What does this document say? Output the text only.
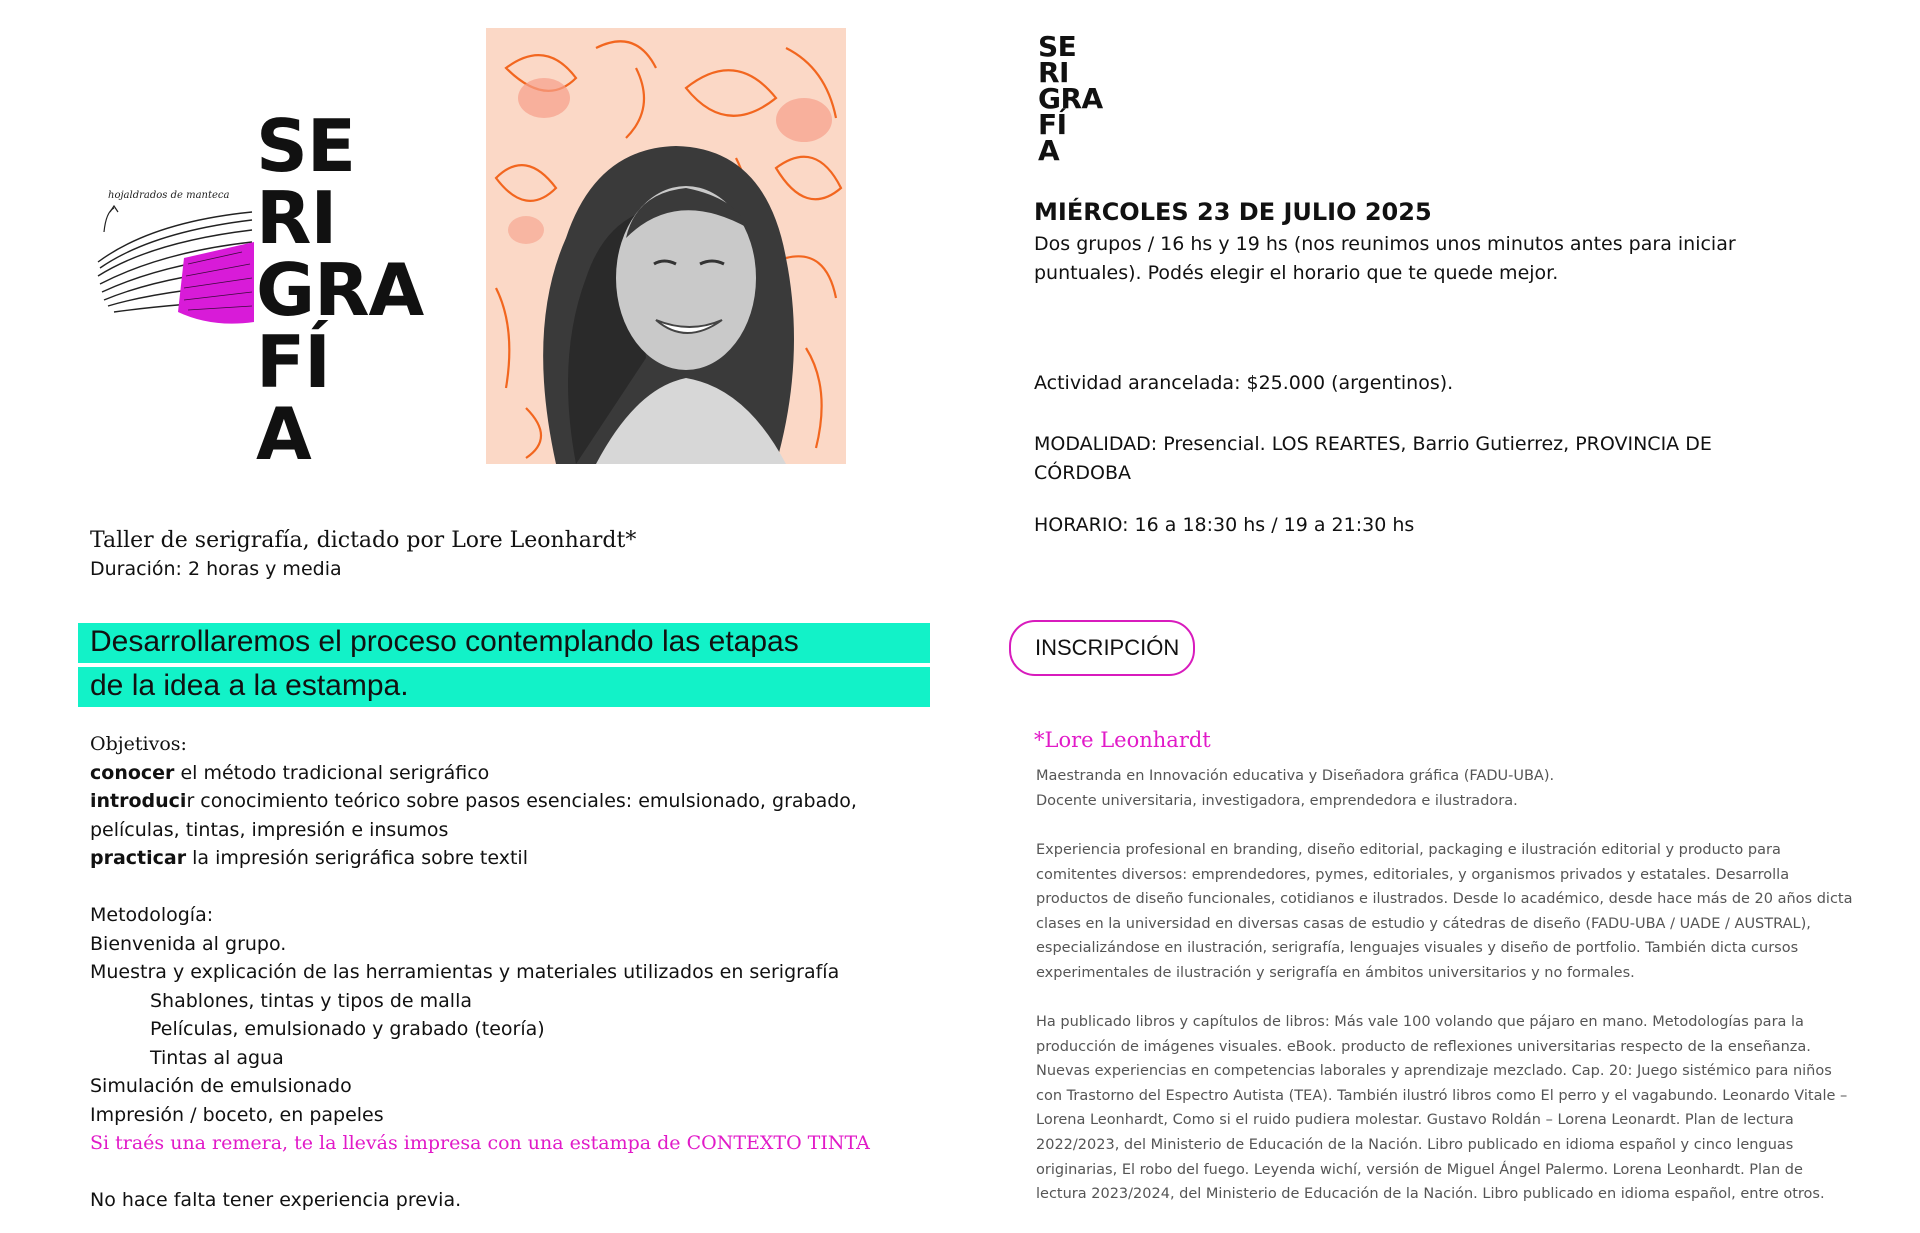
hojaldrados de manteca
SE
RI
GRA
FÍ
A
Taller de serigrafía, dictado por Lore Leonhardt*
Duración: 2 horas y media
Desarrollaremos el proceso contemplando las etapas
de la idea a la estampa.
Objetivos:
conocer el método tradicional serigráfico
introducir conocimiento teórico sobre pasos esenciales: emulsionado, grabado,
películas, tintas, impresión e insumos
practicar la impresión serigráfica sobre textil

Metodología:
Bienvenida al grupo.
Muestra y explicación de las herramientas y materiales utilizados en serigrafía
Shablones, tintas y tipos de malla
Películas, emulsionado y grabado (teoría)
Tintas al agua
Simulación de emulsionado
Impresión / boceto, en papeles
Si traés una remera, te la llevás impresa con una estampa de CONTEXTO TINTA

No hace falta tener experiencia previa.
SE
RI
GRA
FÍ
A
MIÉRCOLES 23 DE JULIO 2025
Dos grupos / 16 hs y 19 hs (nos reunimos unos minutos antes para iniciar
puntuales). Podés elegir el horario que te quede mejor.
Actividad arancelada: $25.000 (argentinos).
MODALIDAD: Presencial. LOS REARTES, Barrio Gutierrez, PROVINCIA DE
CÓRDOBA
HORARIO: 16 a 18:30 hs / 19 a 21:30 hs
INSCRIPCIÓN
*Lore Leonhardt
Maestranda en Innovación educativa y Diseñadora gráfica (FADU-UBA).
Docente universitaria, investigadora, emprendedora e ilustradora.
Experiencia profesional en branding, diseño editorial, packaging e ilustración editorial y producto para
comitentes diversos: emprendedores, pymes, editoriales, y organismos privados y estatales. Desarrolla
productos de diseño funcionales, cotidianos e ilustrados. Desde lo académico, desde hace más de 20 años dicta
clases en la universidad en diversas casas de estudio y cátedras de diseño (FADU-UBA / UADE / AUSTRAL),
especializándose en ilustración, serigrafía, lenguajes visuales y diseño de portfolio. También dicta cursos
experimentales de ilustración y serigrafía en ámbitos universitarios y no formales.
Ha publicado libros y capítulos de libros: Más vale 100 volando que pájaro en mano. Metodologías para la
producción de imágenes visuales. eBook. producto de reflexiones universitarias respecto de la enseñanza.
Nuevas experiencias en competencias laborales y aprendizaje mezclado. Cap. 20: Juego sistémico para niños
con Trastorno del Espectro Autista (TEA). También ilustró libros como El perro y el vagabundo. Leonardo Vitale –
Lorena Leonhardt, Como si el ruido pudiera molestar. Gustavo Roldán – Lorena Leonardt. Plan de lectura
2022/2023, del Ministerio de Educación de la Nación. Libro publicado en idioma español y cinco lenguas
originarias, El robo del fuego. Leyenda wichí, versión de Miguel Ángel Palermo. Lorena Leonhardt. Plan de
lectura 2023/2024, del Ministerio de Educación de la Nación. Libro publicado en idioma español, entre otros.
